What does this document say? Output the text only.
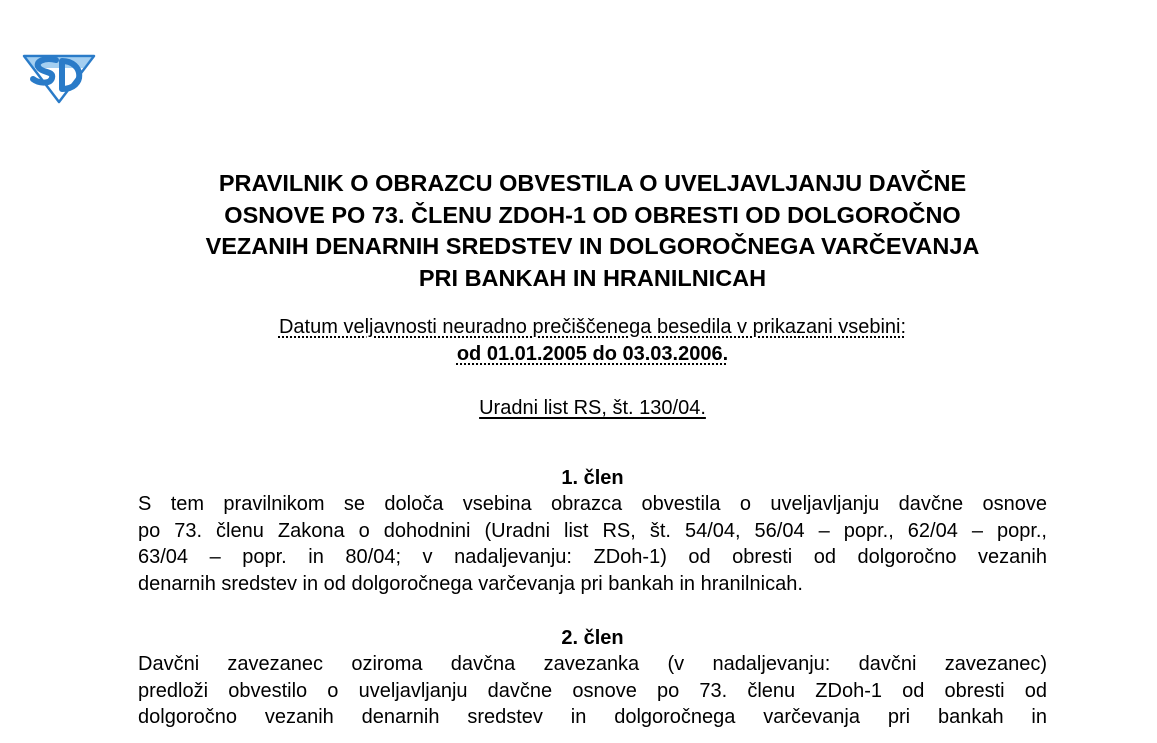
PRAVILNIK O OBRAZCU OBVESTILA O UVELJAVLJANJU DAVČNE
OSNOVE PO 73. ČLENU ZDOH-1 OD OBRESTI OD DOLGOROČNO
VEZANIH DENARNIH SREDSTEV IN DOLGOROČNEGA VARČEVANJA
PRI BANKAH IN HRANILNICAH
Datum veljavnosti neuradno prečiščenega besedila v prikazani vsebini:
od 01.01.2005 do 03.03.2006.
Uradni list RS, št. 130/04.
1. člen

S tem pravilnikom se določa vsebina obrazca obvestila o uveljavljanju davčne osnove
po 73. členu Zakona o dohodnini (Uradni list RS, št. 54/04, 56/04 – popr., 62/04 – popr.,
63/04 – popr. in 80/04; v nadaljevanju: ZDoh-1) od obresti od dolgoročno vezanih
denarnih sredstev in od dolgoročnega varčevanja pri bankah in hranilnicah.

2. člen

Davčni zavezanec oziroma davčna zavezanka (v nadaljevanju: davčni zavezanec)
predloži obvestilo o uveljavljanju davčne osnove po 73. členu ZDoh-1 od obresti od
dolgoročno vezanih denarnih sredstev in dolgoročnega varčevanja pri bankah in
